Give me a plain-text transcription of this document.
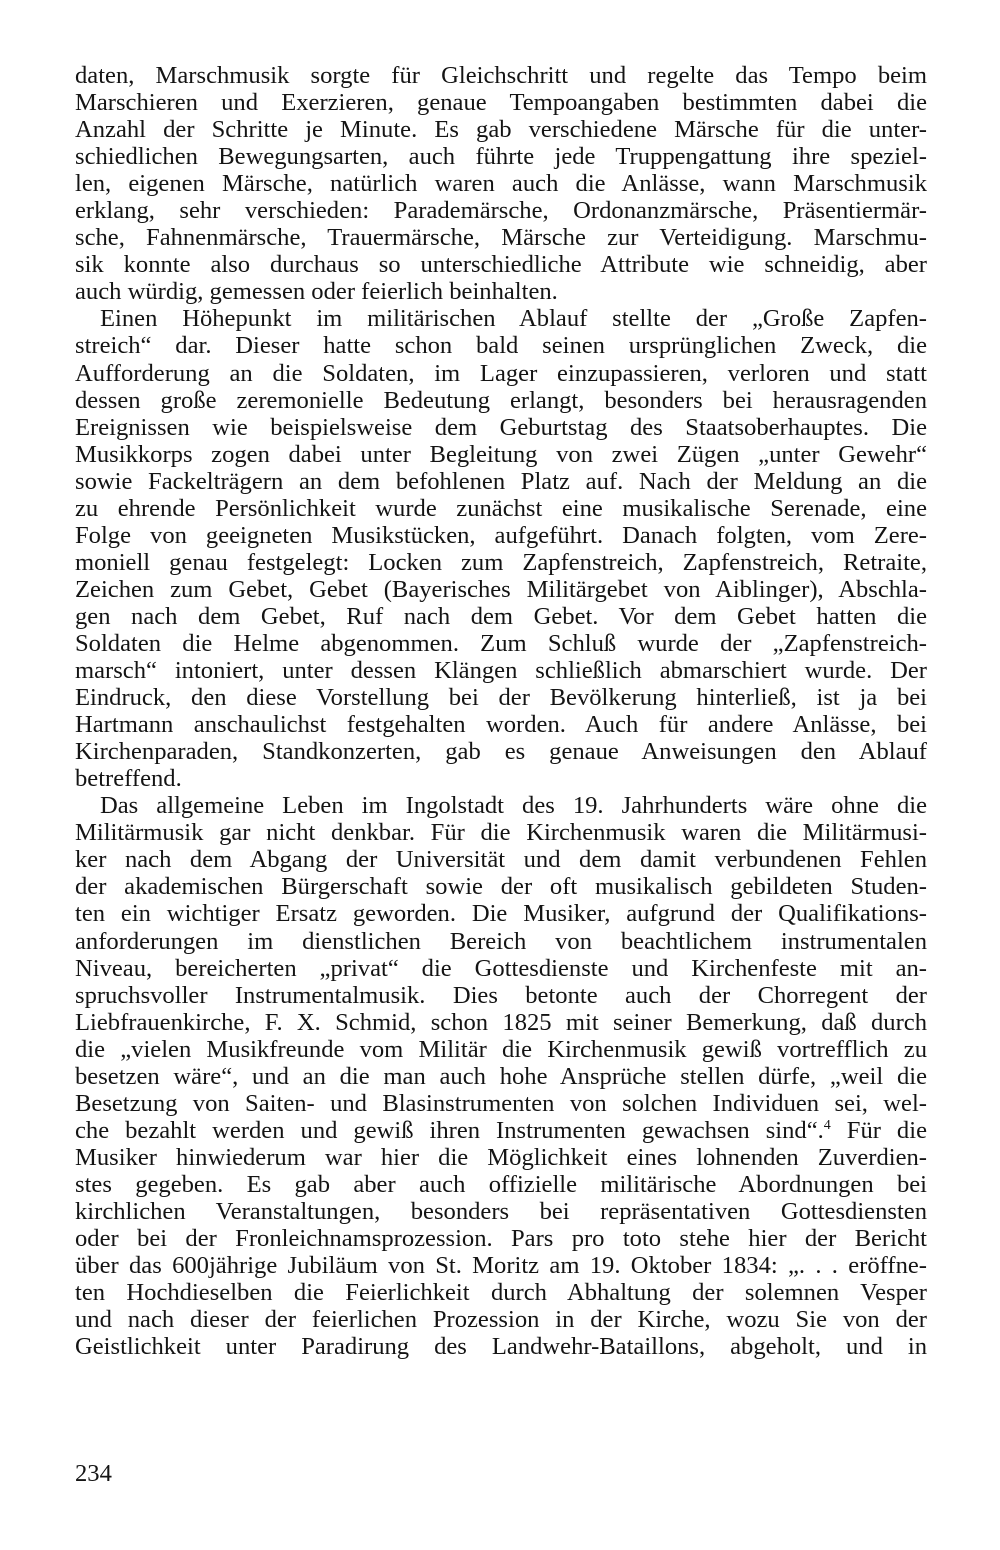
daten, Marschmusik sorgte für Gleichschritt und regelte das Tempo beim
Marschieren und Exerzieren, genaue Tempoangaben bestimmten dabei die
Anzahl der Schritte je Minute. Es gab verschiedene Märsche für die unter-
schiedlichen Bewegungsarten, auch führte jede Truppengattung ihre speziel-
len, eigenen Märsche, natürlich waren auch die Anlässe, wann Marschmusik
erklang, sehr verschieden: Parademärsche, Ordonanzmärsche, Präsentiermär-
sche, Fahnenmärsche, Trauermärsche, Märsche zur Verteidigung. Marschmu-
sik konnte also durchaus so unterschiedliche Attribute wie schneidig, aber
auch würdig, gemessen oder feierlich beinhalten.
Einen Höhepunkt im militärischen Ablauf stellte der „Große Zapfen-
streich“ dar. Dieser hatte schon bald seinen ursprünglichen Zweck, die
Aufforderung an die Soldaten, im Lager einzupassieren, verloren und statt
dessen große zeremonielle Bedeutung erlangt, besonders bei herausragenden
Ereignissen wie beispielsweise dem Geburtstag des Staatsoberhauptes. Die
Musikkorps zogen dabei unter Begleitung von zwei Zügen „unter Gewehr“
sowie Fackelträgern an dem befohlenen Platz auf. Nach der Meldung an die
zu ehrende Persönlichkeit wurde zunächst eine musikalische Serenade, eine
Folge von geeigneten Musikstücken, aufgeführt. Danach folgten, vom Zere-
moniell genau festgelegt: Locken zum Zapfenstreich, Zapfenstreich, Retraite,
Zeichen zum Gebet, Gebet (Bayerisches Militärgebet von Aiblinger), Abschla-
gen nach dem Gebet, Ruf nach dem Gebet. Vor dem Gebet hatten die
Soldaten die Helme abgenommen. Zum Schluß wurde der „Zapfenstreich-
marsch“ intoniert, unter dessen Klängen schließlich abmarschiert wurde. Der
Eindruck, den diese Vorstellung bei der Bevölkerung hinterließ, ist ja bei
Hartmann anschaulichst festgehalten worden. Auch für andere Anlässe, bei
Kirchenparaden, Standkonzerten, gab es genaue Anweisungen den Ablauf
betreffend.
Das allgemeine Leben im Ingolstadt des 19. Jahrhunderts wäre ohne die
Militärmusik gar nicht denkbar. Für die Kirchenmusik waren die Militärmusi-
ker nach dem Abgang der Universität und dem damit verbundenen Fehlen
der akademischen Bürgerschaft sowie der oft musikalisch gebildeten Studen-
ten ein wichtiger Ersatz geworden. Die Musiker, aufgrund der Qualifikations-
anforderungen im dienstlichen Bereich von beachtlichem instrumentalen
Niveau, bereicherten „privat“ die Gottesdienste und Kirchenfeste mit an-
spruchsvoller Instrumentalmusik. Dies betonte auch der Chorregent der
Liebfrauenkirche, F. X. Schmid, schon 1825 mit seiner Bemerkung, daß durch
die „vielen Musikfreunde vom Militär die Kirchenmusik gewiß vortrefflich zu
besetzen wäre“, und an die man auch hohe Ansprüche stellen dürfe, „weil die
Besetzung von Saiten- und Blasinstrumenten von solchen Individuen sei, wel-
che bezahlt werden und gewiß ihren Instrumenten gewachsen sind“.$^4$ Für die
Musiker hinwiederum war hier die Möglichkeit eines lohnenden Zuverdien-
stes gegeben. Es gab aber auch offizielle militärische Abordnungen bei
kirchlichen Veranstaltungen, besonders bei repräsentativen Gottesdiensten
oder bei der Fronleichnamsprozession. Pars pro toto stehe hier der Bericht
über das 600jährige Jubiläum von St. Moritz am 19. Oktober 1834: „. . . eröffne-
ten Hochdieselben die Feierlichkeit durch Abhaltung der solemnen Vesper
und nach dieser der feierlichen Prozession in der Kirche, wozu Sie von der
Geistlichkeit unter Paradirung des Landwehr-Bataillons, abgeholt, und in
234
